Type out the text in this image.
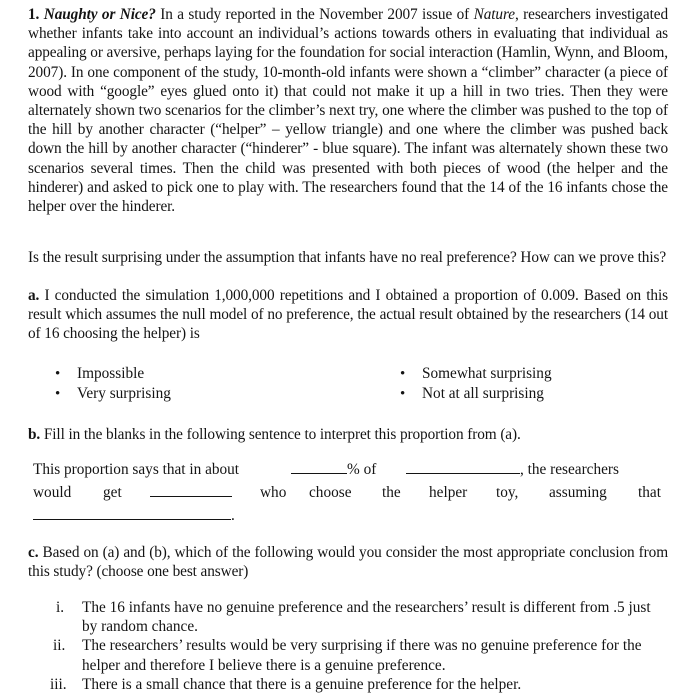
1. Naughty or Nice? In a study reported in the November 2007 issue of Nature, researchers investigated whether infants take into account an individual’s actions towards others in evaluating that individual as appealing or aversive, perhaps laying for the foundation for social interaction (Hamlin, Wynn, and Bloom, 2007). In one component of the study, 10-month-old infants were shown a “climber” character (a piece of wood with “google” eyes glued onto it) that could not make it up a hill in two tries. Then they were alternately shown two scenarios for the climber’s next try, one where the climber was pushed to the top of the hill by another character (“helper” – yellow triangle) and one where the climber was pushed back down the hill by another character (“hinderer” - blue square). The infant was alternately shown these two scenarios several times. Then the child was presented with both pieces of wood (the helper and the hinderer) and asked to pick one to play with. The researchers found that the 14 of the 16 infants chose the helper over the hinderer.

Is the result surprising under the assumption that infants have no real preference? How can we prove this?

a. I conducted the simulation 1,000,000 repetitions and I obtained a proportion of 0.009. Based on this result which assumes the null model of no preference, the actual result obtained by the researchers (14 out of 16 choosing the helper) is

• Impossible	• Somewhat surprising
• Very surprising	• Not at all surprising

b. Fill in the blanks in the following sentence to interpret this proportion from (a).

This proportion says that in about	% of	, the researchers
would get	who choose the helper toy, assuming that
.

c. Based on (a) and (b), which of the following would you consider the most appropriate conclusion from this study? (choose one best answer)

i. The 16 infants have no genuine preference and the researchers’ result is different from .5 just by random chance.
ii. The researchers’ results would be very surprising if there was no genuine preference for the helper and therefore I believe there is a genuine preference.
iii. There is a small chance that there is a genuine preference for the helper.
